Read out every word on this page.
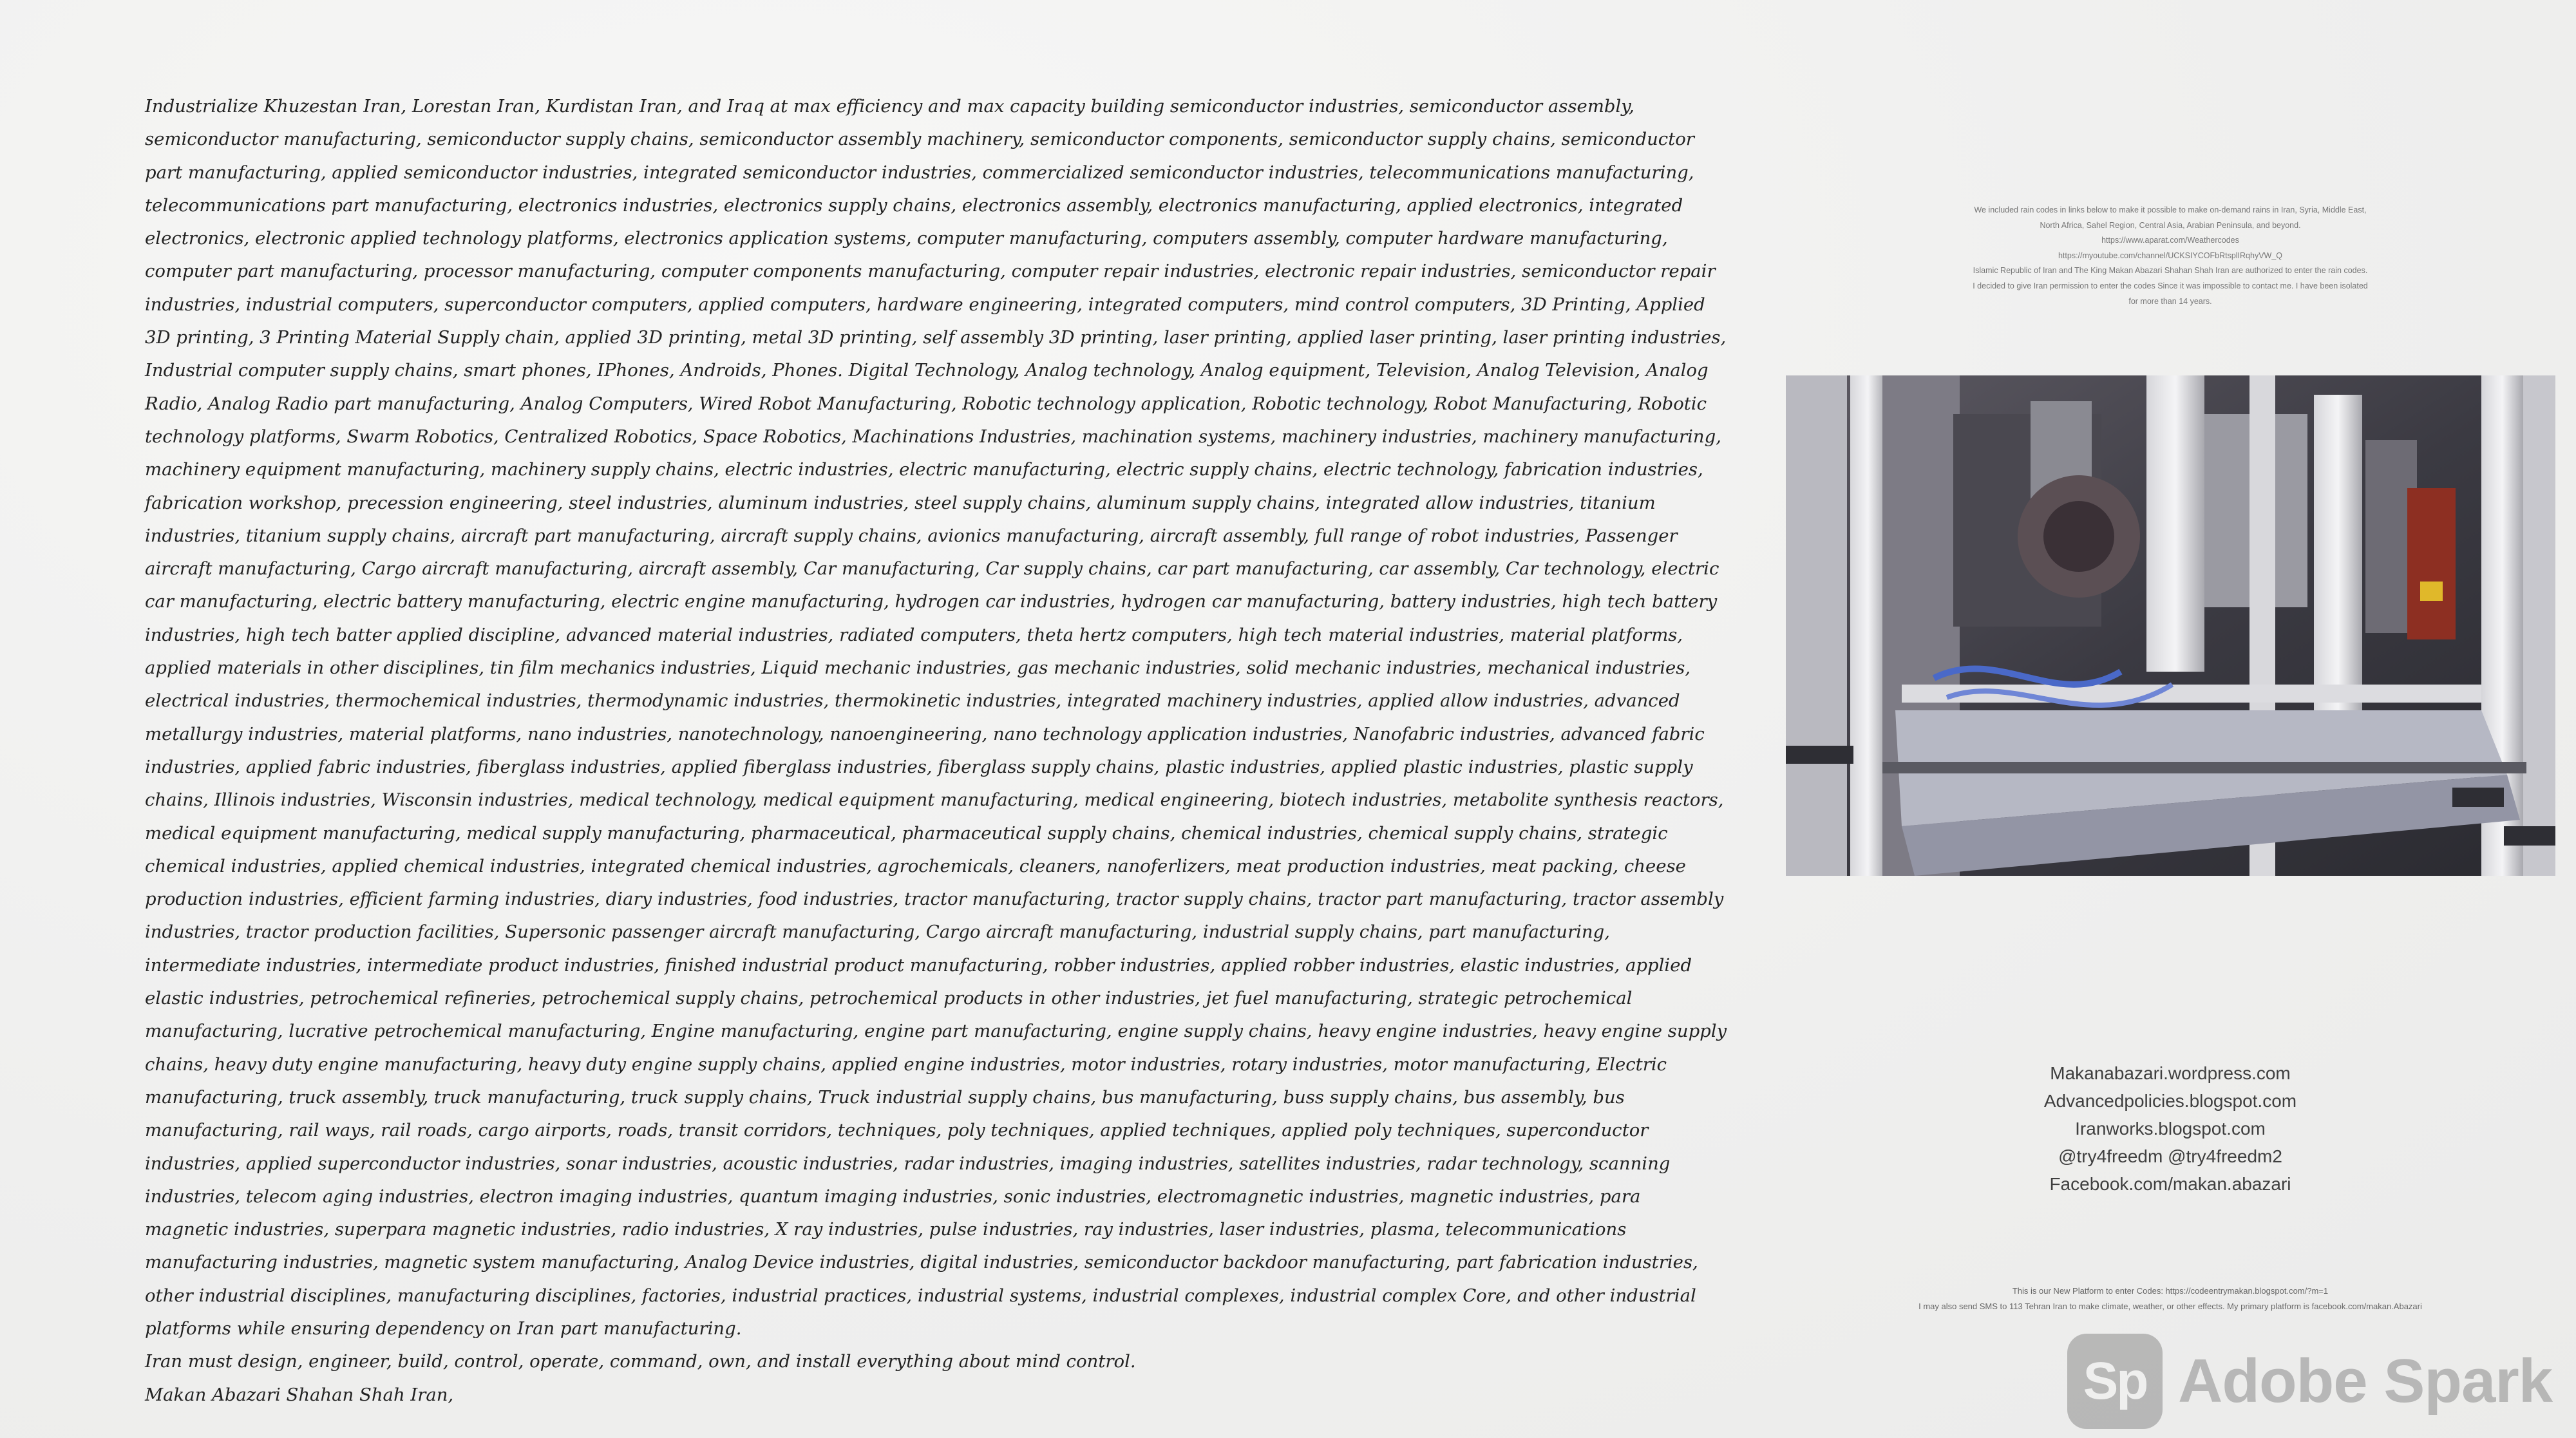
Industrialize Khuzestan Iran, Lorestan Iran, Kurdistan Iran, and Iraq at max efficiency and max capacity building semiconductor industries, semiconductor assembly, semiconductor manufacturing, semiconductor supply chains, semiconductor assembly machinery, semiconductor components, semiconductor supply chains, semiconductor part manufacturing, applied semiconductor industries, integrated semiconductor industries, commercialized semiconductor industries, telecommunications manufacturing, telecommunications part manufacturing, electronics industries, electronics supply chains, electronics assembly, electronics manufacturing, applied electronics, integrated electronics, electronic applied technology platforms, electronics application systems, computer manufacturing, computers assembly, computer hardware manufacturing, computer part manufacturing, processor manufacturing, computer components manufacturing, computer repair industries, electronic repair industries, semiconductor repair industries, industrial computers, superconductor computers, applied computers, hardware engineering, integrated computers, mind control computers, 3D Printing, Applied 3D printing, 3 Printing Material Supply chain, applied 3D printing, metal 3D printing, self assembly 3D printing, laser printing, applied laser printing, laser printing industries, Industrial computer supply chains, smart phones, IPhones, Androids, Phones. Digital Technology, Analog technology, Analog equipment, Television, Analog Television, Analog Radio, Analog Radio part manufacturing, Analog Computers, Wired Robot Manufacturing, Robotic technology application, Robotic technology, Robot Manufacturing, Robotic technology platforms, Swarm Robotics, Centralized Robotics, Space Robotics, Machinations Industries, machination systems, machinery industries, machinery manufacturing, machinery equipment manufacturing, machinery supply chains, electric industries, electric manufacturing, electric supply chains, electric technology, fabrication industries, fabrication workshop, precession engineering, steel industries, aluminum industries, steel supply chains, aluminum supply chains, integrated allow industries, titanium industries, titanium supply chains, aircraft part manufacturing, aircraft supply chains, avionics manufacturing, aircraft assembly, full range of robot industries, Passenger aircraft manufacturing, Cargo aircraft manufacturing, aircraft assembly, Car manufacturing, Car supply chains, car part manufacturing, car assembly, Car technology, electric car manufacturing, electric battery manufacturing, electric engine manufacturing, hydrogen car industries, hydrogen car manufacturing, battery industries, high tech battery industries, high tech batter applied discipline, advanced material industries, radiated computers, theta hertz computers, high tech material industries, material platforms, applied materials in other disciplines, tin film mechanics industries, Liquid mechanic industries, gas mechanic industries, solid mechanic industries, mechanical industries, electrical industries, thermochemical industries, thermodynamic industries, thermokinetic industries, integrated machinery industries, applied allow industries, advanced metallurgy industries, material platforms, nano industries, nanotechnology, nanoengineering, nano technology application industries, Nanofabric industries, advanced fabric industries, applied fabric industries, fiberglass industries, applied fiberglass industries, fiberglass supply chains, plastic industries, applied plastic industries, plastic supply chains, Illinois industries, Wisconsin industries, medical technology, medical equipment manufacturing, medical engineering, biotech industries, metabolite synthesis reactors, medical equipment manufacturing, medical supply manufacturing, pharmaceutical, pharmaceutical supply chains, chemical industries, chemical supply chains, strategic chemical industries, applied chemical industries, integrated chemical industries, agrochemicals, cleaners, nanoferlizers, meat production industries, meat packing, cheese production industries, efficient farming industries, diary industries, food industries, tractor manufacturing, tractor supply chains, tractor part manufacturing, tractor assembly industries, tractor production facilities, Supersonic passenger aircraft manufacturing, Cargo aircraft manufacturing, industrial supply chains, part manufacturing, intermediate industries, intermediate product industries, finished industrial product manufacturing, robber industries, applied robber industries, elastic industries, applied elastic industries, petrochemical refineries, petrochemical supply chains, petrochemical products in other industries, jet fuel manufacturing, strategic petrochemical manufacturing, lucrative petrochemical manufacturing, Engine manufacturing, engine part manufacturing, engine supply chains, heavy engine industries, heavy engine supply chains, heavy duty engine manufacturing, heavy duty engine supply chains, applied engine industries, motor industries, rotary industries, motor manufacturing, Electric manufacturing, truck assembly, truck manufacturing, truck supply chains, Truck industrial supply chains, bus manufacturing, buss supply chains, bus assembly, bus manufacturing, rail ways, rail roads, cargo airports, roads, transit corridors, techniques, poly techniques, applied techniques, applied poly techniques, superconductor industries, applied superconductor industries, sonar industries, acoustic industries, radar industries, imaging industries, satellites industries, radar technology, scanning industries, telecom aging industries, electron imaging industries, quantum imaging industries, sonic industries, electromagnetic industries, magnetic industries, para magnetic industries, superpara magnetic industries, radio industries, X ray industries, pulse industries, ray industries, laser industries, plasma, telecommunications manufacturing industries, magnetic system manufacturing, Analog Device industries, digital industries, semiconductor backdoor manufacturing, part fabrication industries, other industrial disciplines, manufacturing disciplines, factories, industrial practices, industrial systems, industrial complexes, industrial complex Core, and other industrial platforms while ensuring dependency on Iran part manufacturing.

Iran must design, engineer, build, control, operate, command, own, and install everything about mind control.

Makan Abazari Shahan Shah Iran,

We included rain codes in links below to make it possible to make on-demand rains in Iran, Syria, Middle East,
North Africa, Sahel Region, Central Asia, Arabian Peninsula, and beyond.
https://www.aparat.com/Weathercodes
https://myoutube.com/channel/UCKSIYCOFbRtsplIRqhyVW_Q
Islamic Republic of Iran and The King Makan Abazari Shahan Shah Iran are authorized to enter the rain codes.
I decided to give Iran permission to enter the codes Since it was impossible to contact me. I have been isolated
for more than 14 years.
Makanabazari.wordpress.com
Advancedpolicies.blogspot.com
Iranworks.blogspot.com
@try4freedm @try4freedm2
Facebook.com/makan.abazari
This is our New Platform to enter Codes: https://codeentrymakan.blogspot.com/?m=1
I may also send SMS to 113 Tehran Iran to make climate, weather, or other effects. My primary platform is facebook.com/makan.Abazari
Sp Adobe Spark
